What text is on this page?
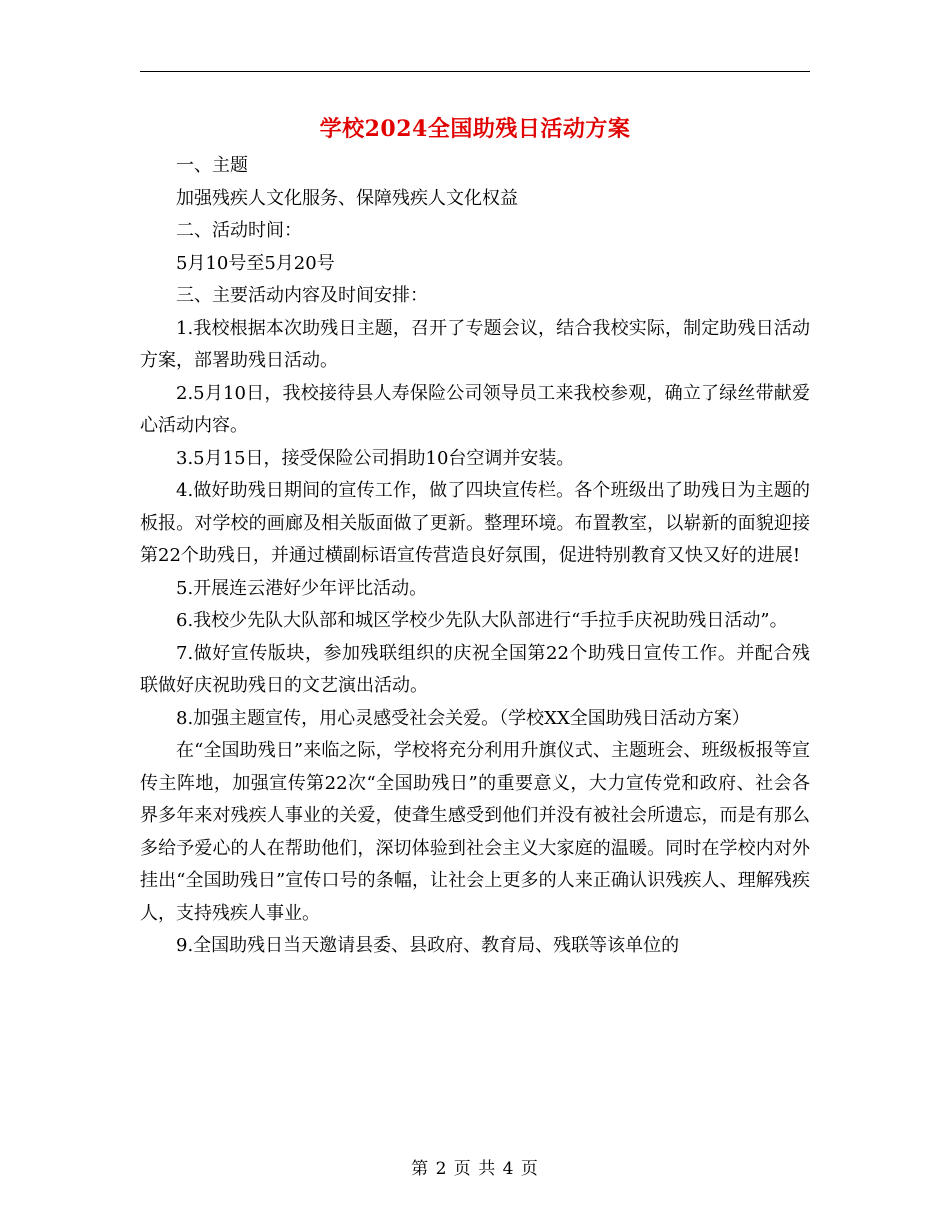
学校2024全国助残日活动方案

一、主题

加强残疾人文化服务、保障残疾人文化权益

二、活动时间：

5月10号至5月20号

三、主要活动内容及时间安排：

1.我校根据本次助残日主题，召开了专题会议，结合我校实际，制定助残日活动方案，部署助残日活动。

2.5月10日，我校接待县人寿保险公司领导员工来我校参观，确立了绿丝带献爱心活动内容。

3.5月15日，接受保险公司捐助10台空调并安装。

4.做好助残日期间的宣传工作，做了四块宣传栏。各个班级出了助残日为主题的板报。对学校的画廊及相关版面做了更新。整理环境。布置教室，以崭新的面貌迎接第22个助残日，并通过横副标语宣传营造良好氛围，促进特别教育又快又好的进展!

5.开展连云港好少年评比活动。

6.我校少先队大队部和城区学校少先队大队部进行“手拉手庆祝助残日活动”。

7.做好宣传版块，参加残联组织的庆祝全国第22个助残日宣传工作。并配合残联做好庆祝助残日的文艺演出活动。

8.加强主题宣传，用心灵感受社会关爱。（学校XX全国助残日活动方案）

在“全国助残日”来临之际，学校将充分利用升旗仪式、主题班会、班级板报等宣传主阵地，加强宣传第22次“全国助残日”的重要意义，大力宣传党和政府、社会各界多年来对残疾人事业的关爱，使聋生感受到他们并没有被社会所遗忘，而是有那么多给予爱心的人在帮助他们，深切体验到社会主义大家庭的温暖。同时在学校内对外挂出“全国助残日”宣传口号的条幅，让社会上更多的人来正确认识残疾人、理解残疾人，支持残疾人事业。

9.全国助残日当天邀请县委、县政府、教育局、残联等该单位的

第 2 页 共 4 页
